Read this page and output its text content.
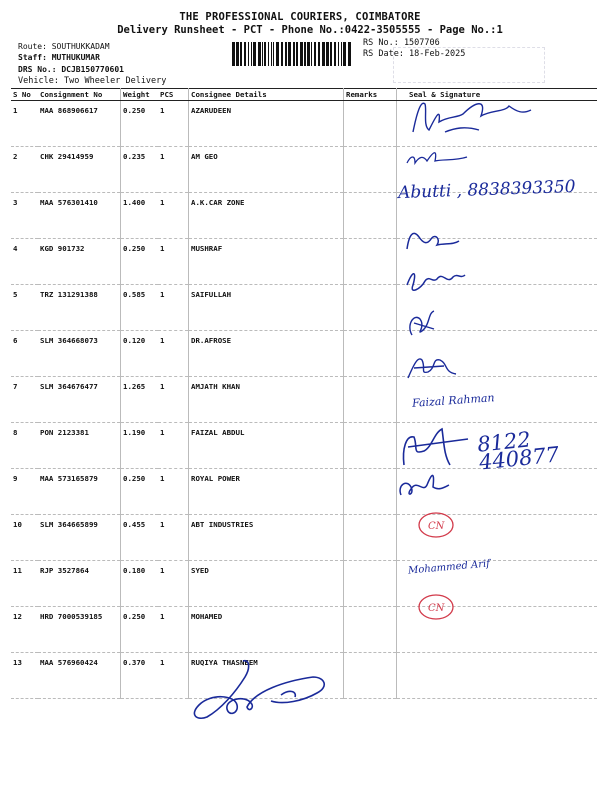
THE PROFESSIONAL COURIERS, COIMBATORE
Delivery Runsheet - PCT - Phone No.:0422-3505555 - Page No.:1
Route: SOUTHUKKADAM
Staff: MUTHUKUMAR
DRS No.: DCJB150770601
Vehicle: Two Wheeler Delivery
RS No.: 1507706
RS Date: 18-Feb-2025
S No	Consignment No	Weight	PCS	Consignee Details	Remarks	Seal & Signature
1	MAA 868906617	0.250	1	AZARUDEEN		
2	CHK 29414959	0.235	1	AM GEO		
3	MAA 576301410	1.400	1	A.K.CAR ZONE		
4	KGD 901732	0.250	1	MUSHRAF		
5	TRZ 131291388	0.585	1	SAIFULLAH		
6	SLM 364668073	0.120	1	DR.AFROSE		
7	SLM 364676477	1.265	1	AMJATH KHAN		
8	PON 2123381	1.190	1	FAIZAL ABDUL		
9	MAA 573165879	0.250	1	ROYAL POWER		
10	SLM 364665899	0.455	1	ABT INDUSTRIES		
11	RJP 3527864	0.180	1	SYED		
12	HRD 7000539185	0.250	1	MOHAMED		
13	MAA 576960424	0.370	1	RUQIYA THASNEEM		
Abutti , 8838393350
Faizal Rahman
8122 440877
Mohammed Arif
CN
CN
